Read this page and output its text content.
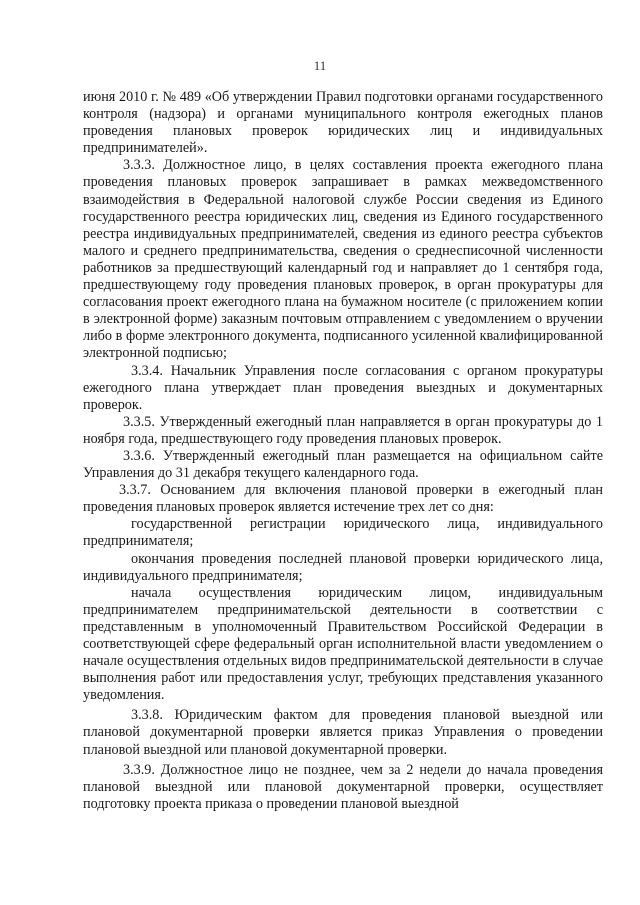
11

июня 2010 г. № 489 «Об утверждении Правил подготовки органами государственного контроля (надзора) и органами муниципального контроля ежегодных планов проведения плановых проверок юридических лиц и индивидуальных предпринимателей».

3.3.3. Должностное лицо, в целях составления проекта ежегодного плана проведения плановых проверок запрашивает в рамках межведомственного взаимодействия в Федеральной налоговой службе России сведения из Единого государственного реестра юридических лиц, сведения из Единого государственного реестра индивидуальных предпринимателей, сведения из единого реестра субъектов малого и среднего предпринимательства, сведения о среднесписочной численности работников за предшествующий календарный год и направляет до 1 сентября года, предшествующему году проведения плановых проверок, в орган прокуратуры для согласования проект ежегодного плана на бумажном носителе (с приложением копии в электронной форме) заказным почтовым отправлением с уведомлением о вручении либо в форме электронного документа, подписанного усиленной квалифицированной электронной подписью;

3.3.4. Начальник Управления после согласования с органом прокуратуры ежегодного плана утверждает план проведения выездных и документарных проверок.

3.3.5. Утвержденный ежегодный план направляется в орган прокуратуры до 1 ноября года, предшествующего году проведения плановых проверок.

3.3.6. Утвержденный ежегодный план размещается на официальном сайте Управления до 31 декабря текущего календарного года.

3.3.7. Основанием для включения плановой проверки в ежегодный план проведения плановых проверок является истечение трех лет со дня:

государственной регистрации юридического лица, индивидуального предпринимателя;

окончания проведения последней плановой проверки юридического лица, индивидуального предпринимателя;

начала осуществления юридическим лицом, индивидуальным предпринимателем предпринимательской деятельности в соответствии с представленным в уполномоченный Правительством Российской Федерации в соответствующей сфере федеральный орган исполнительной власти уведомлением о начале осуществления отдельных видов предпринимательской деятельности в случае выполнения работ или предоставления услуг, требующих представления указанного уведомления.

3.3.8. Юридическим фактом для проведения плановой выездной или плановой документарной проверки является приказ Управления о проведении плановой выездной или плановой документарной проверки.

3.3.9. Должностное лицо не позднее, чем за 2 недели до начала проведения плановой выездной или плановой документарной проверки, осуществляет подготовку проекта приказа о проведении плановой выездной
